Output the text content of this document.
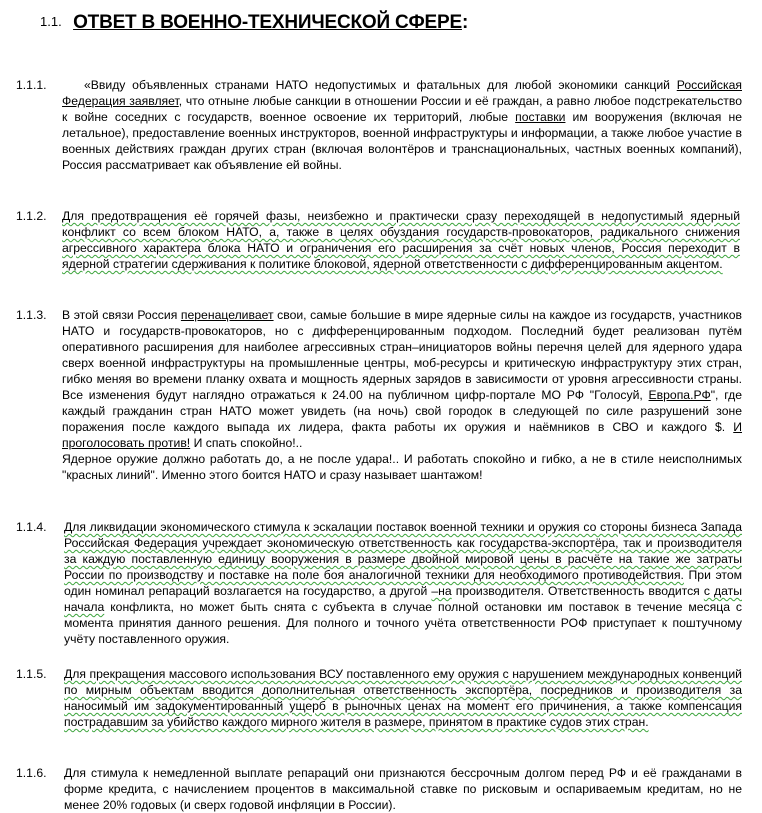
1.1. ОТВЕТ В ВОЕННО-ТЕХНИЧЕСКОЙ СФЕРЕ:
1.1.1.	«Ввиду объявленных странами НАТО недопустимых и фатальных для любой экономики санкций Российская Федерация заявляет, что отныне любые санкции в отношении России и её граждан, а равно любое подстрекательство к войне соседних с государств, военное освоение их территорий, любые поставки им вооружения (включая не летальное), предоставление военных инструкторов, военной инфраструктуры и информации, а также любое участие в военных действиях граждан других стран (включая волонтёров и транснациональных, частных военных компаний), Россия рассматривает как объявление ей войны.

1.1.2. Для предотвращения её горячей фазы, неизбежно и практически сразу переходящей в недопустимый ядерный конфликт со всем блоком НАТО, а, также в целях обуздания государств-провокаторов, радикального снижения агрессивного характера блока НАТО и ограничения его расширения за счёт новых членов, Россия переходит в ядерной стратегии сдерживания к политике блоковой, ядерной ответственности с дифференцированным акцентом.

1.1.3. В этой связи Россия перенацеливает свои, самые большие в мире ядерные силы на каждое из государств, участников НАТО и государств-провокаторов, но с дифференцированным подходом. Последний будет реализован путём оперативного расширения для наиболее агрессивных стран–инициаторов войны перечня целей для ядерного удара сверх военной инфраструктуры на промышленные центры, моб-ресурсы и критическую инфраструктуру этих стран, гибко меняя во времени планку охвата и мощность ядерных зарядов в зависимости от уровня агрессивности страны. Все изменения будут наглядно отражаться к 24.00 на публичном цифр-портале МО РФ "Голосуй, Европа.РФ", где каждый гражданин стран НАТО может увидеть (на ночь) свой городок в следующей по силе разрушений зоне поражения после каждого выпада их лидера, факта работы их оружия и наёмников в СВО и каждого $. И проголосовать против! И спать спокойно!..

Ядерное оружие должно работать до, а не после удара!.. И работать спокойно и гибко, а не в стиле неисполнимых "красных линий". Именно этого боится НАТО и сразу называет шантажом!

1.1.4. Для ликвидации экономического стимула к эскалации поставок военной техники и оружия со стороны бизнеса Запада Российская Федерация учреждает экономическую ответственность как государства-экспортёра, так и производителя за каждую поставленную единицу вооружения в размере двойной мировой цены в расчёте на такие же затраты России по производству и поставке на поле боя аналогичной техники для необходимого противодействия. При этом один номинал репараций возлагается на государство, а другой –на производителя. Ответственность вводится с даты начала конфликта, но может быть снята с субъекта в случае полной остановки им поставок в течение месяца с момента принятия данного решения. Для полного и точного учёта ответственности РОФ приступает к поштучному учёту поставленного оружия.

1.1.5. Для прекращения массового использования ВСУ поставленного ему оружия с нарушением международных конвенций по мирным объектам вводится дополнительная ответственность экспортёра, посредников и производителя за наносимый им задокументированный ущерб в рыночных ценах на момент его причинения, а также компенсация пострадавшим за убийство каждого мирного жителя в размере, принятом в практике судов этих стран.

1.1.6. Для стимула к немедленной выплате репараций они признаются бессрочным долгом перед РФ и её гражданами в форме кредита, с начислением процентов в максимальной ставке по рисковым и оспариваемым кредитам, но не менее 20% годовых (и сверх годовой инфляции в России).
